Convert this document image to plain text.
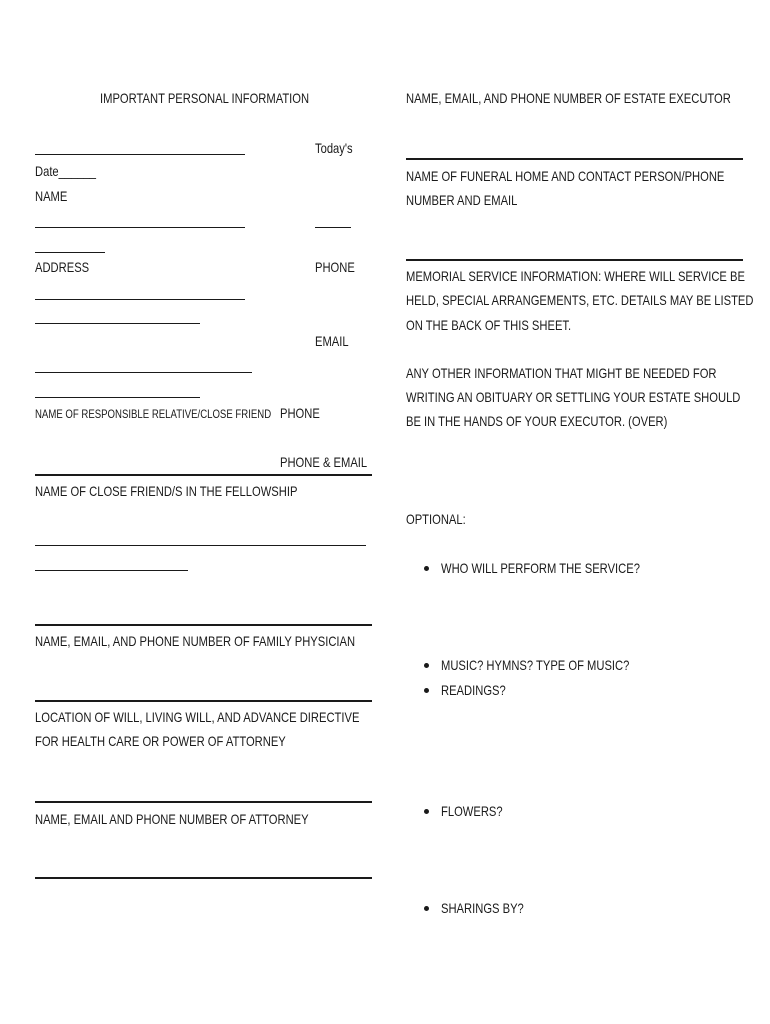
IMPORTANT PERSONAL INFORMATION
Today's
Date______
NAME
ADDRESS	PHONE
EMAIL
NAME OF RESPONSIBLE RELATIVE/CLOSE FRIEND PHONE
PHONE & EMAIL
NAME OF CLOSE FRIEND/S IN THE FELLOWSHIP
NAME, EMAIL, AND PHONE NUMBER OF FAMILY PHYSICIAN
LOCATION OF WILL, LIVING WILL, AND ADVANCE DIRECTIVE
FOR HEALTH CARE OR POWER OF ATTORNEY
NAME, EMAIL AND PHONE NUMBER OF ATTORNEY
NAME, EMAIL, AND PHONE NUMBER OF ESTATE EXECUTOR
NAME OF FUNERAL HOME AND CONTACT PERSON/PHONE
NUMBER AND EMAIL
MEMORIAL SERVICE INFORMATION: WHERE WILL SERVICE BE
HELD, SPECIAL ARRANGEMENTS, ETC. DETAILS MAY BE LISTED
ON THE BACK OF THIS SHEET.
ANY OTHER INFORMATION THAT MIGHT BE NEEDED FOR
WRITING AN OBITUARY OR SETTLING YOUR ESTATE SHOULD
BE IN THE HANDS OF YOUR EXECUTOR. (OVER)
OPTIONAL:
WHO WILL PERFORM THE SERVICE?
MUSIC? HYMNS? TYPE OF MUSIC?
READINGS?
FLOWERS?
SHARINGS BY?
